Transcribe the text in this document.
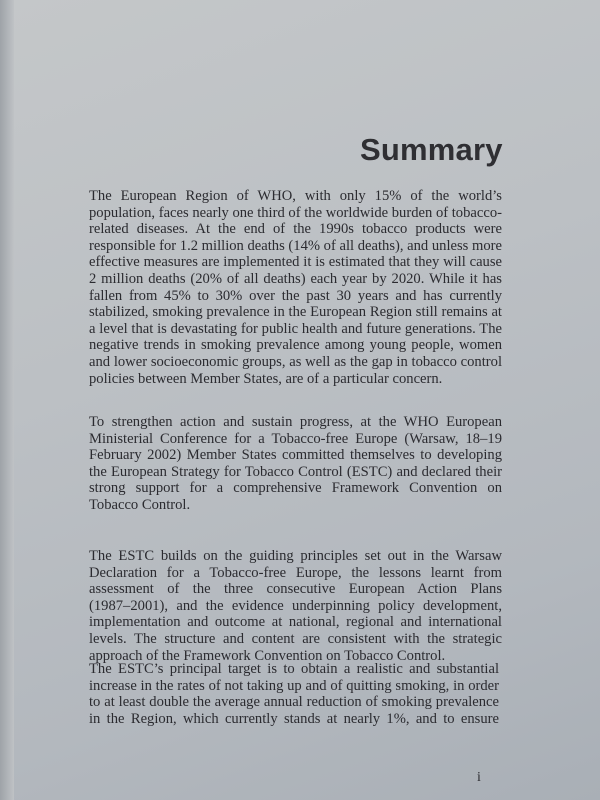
Summary
The European Region of WHO, with only 15% of the world’s
population, faces nearly one third of the worldwide burden of tobacco-
related diseases. At the end of the 1990s tobacco products were
responsible for 1.2 million deaths (14% of all deaths), and unless more
effective measures are implemented it is estimated that they will cause
2 million deaths (20% of all deaths) each year by 2020. While it has
fallen from 45% to 30% over the past 30 years and has currently
stabilized, smoking prevalence in the European Region still remains at
a level that is devastating for public health and future generations. The
negative trends in smoking prevalence among young people, women
and lower socioeconomic groups, as well as the gap in tobacco control
policies between Member States, are of a particular concern.
To strengthen action and sustain progress, at the WHO European
Ministerial Conference for a Tobacco-free Europe (Warsaw, 18–19
February 2002) Member States committed themselves to developing
the European Strategy for Tobacco Control (ESTC) and declared their
strong support for a comprehensive Framework Convention on
Tobacco Control.
The ESTC builds on the guiding principles set out in the Warsaw
Declaration for a Tobacco-free Europe, the lessons learnt from
assessment of the three consecutive European Action Plans
(1987–2001), and the evidence underpinning policy development,
implementation and outcome at national, regional and international
levels. The structure and content are consistent with the strategic
approach of the Framework Convention on Tobacco Control.
The ESTC’s principal target is to obtain a realistic and substantial
increase in the rates of not taking up and of quitting smoking, in order
to at least double the average annual reduction of smoking prevalence
in the Region, which currently stands at nearly 1%, and to ensure
i
